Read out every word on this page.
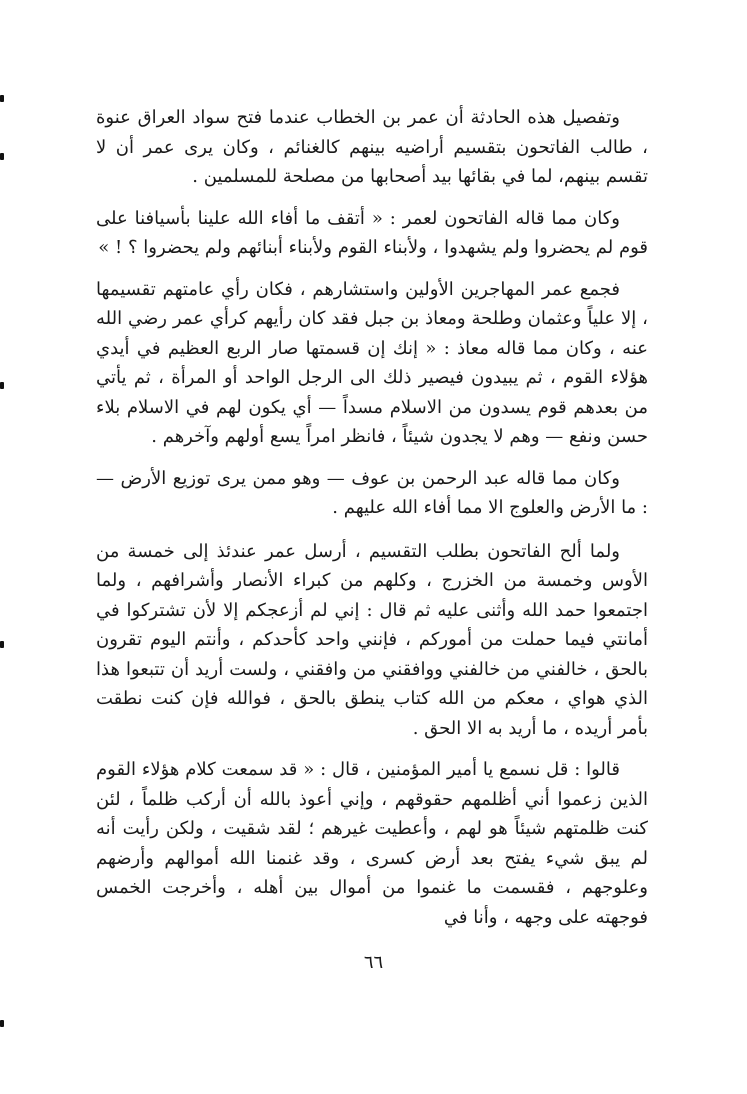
وتفصيل هذه الحادثة أن عمر بن الخطاب عندما فتح سواد العراق عنوة ، طالب الفاتحون بتقسيم أراضيه بينهم كالغنائم ، وكان يرى عمر أن لا تقسم بينهم، لما في بقائها بيد أصحابها من مصلحة للمسلمين .

وكان مما قاله الفاتحون لعمر : « أتقف ما أفاء الله علينا بأسيافنا على قوم لم يحضروا ولم يشهدوا ، ولأبناء القوم ولأبناء أبنائهم ولم يحضروا ؟ ! »

فجمع عمر المهاجرين الأولين واستشارهم ، فكان رأي عامتهم تقسيمها ، إلا علياً وعثمان وطلحة ومعاذ بن جبل فقد كان رأيهم كرأي عمر رضي الله عنه ، وكان مما قاله معاذ : « إنك إن قسمتها صار الربع العظيم في أيدي هؤلاء القوم ، ثم يبيدون فيصير ذلك الى الرجل الواحد أو المرأة ، ثم يأتي من بعدهم قوم يسدون من الاسلام مسداً — أي يكون لهم في الاسلام بلاء حسن ونفع — وهم لا يجدون شيئاً ، فانظر امراً يسع أولهم وآخرهم .

وكان مما قاله عبد الرحمن بن عوف — وهو ممن يرى توزيع الأرض — : ما الأرض والعلوج الا مما أفاء الله عليهم .

ولما ألح الفاتحون بطلب التقسيم ، أرسل عمر عندئذ إلى خمسة من الأوس وخمسة من الخزرج ، وكلهم من كبراء الأنصار وأشرافهم ، ولما اجتمعوا حمد الله وأثنى عليه ثم قال : إني لم أزعجكم إلا لأن تشتركوا في أمانتي فيما حملت من أموركم ، فإنني واحد كأحدكم ، وأنتم اليوم تقرون بالحق ، خالفني من خالفني ووافقني من وافقني ، ولست أريد أن تتبعوا هذا الذي هواي ، معكم من الله كتاب ينطق بالحق ، فوالله فإن كنت نطقت بأمر أريده ، ما أريد به الا الحق .

قالوا : قل نسمع يا أمير المؤمنين ، قال : « قد سمعت كلام هؤلاء القوم الذين زعموا أني أظلمهم حقوقهم ، وإني أعوذ بالله أن أركب ظلماً ، لئن كنت ظلمتهم شيئاً هو لهم ، وأعطيت غيرهم ؛ لقد شقيت ، ولكن رأيت أنه لم يبق شيء يفتح بعد أرض كسرى ، وقد غنمنا الله أموالهم وأرضهم وعلوجهم ، فقسمت ما غنموا من أموال بين أهله ، وأخرجت الخمس فوجهته على وجهه ، وأنا في

٦٦
